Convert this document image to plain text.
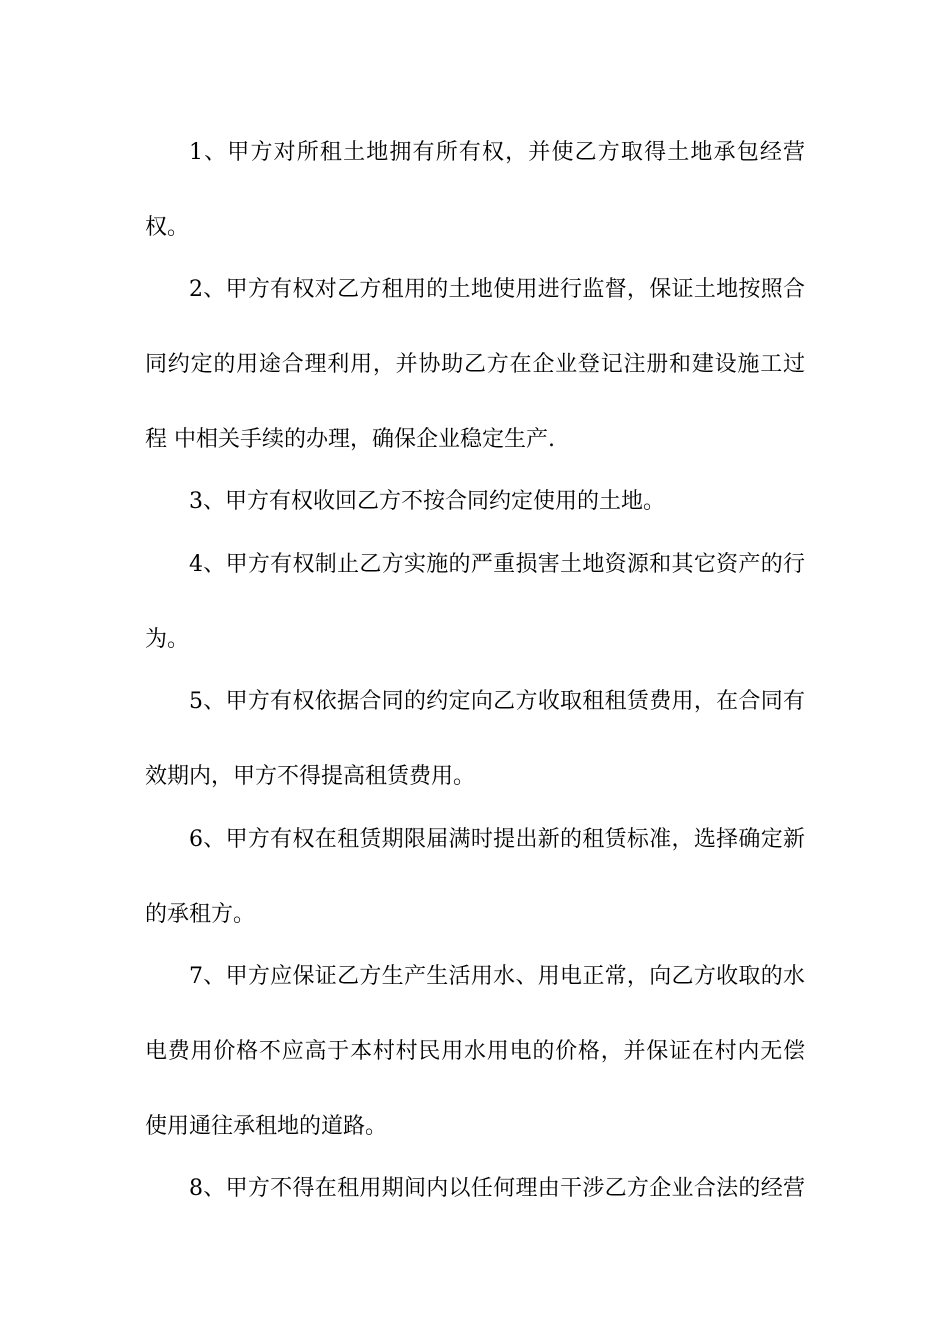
1、甲方对所租土地拥有所有权，并使乙方取得土地承包经营
权。
2、甲方有权对乙方租用的土地使用进行监督，保证土地按照合
同约定的用途合理利用，并协助乙方在企业登记注册和建设施工过
程 中相关手续的办理，确保企业稳定生产.
3、甲方有权收回乙方不按合同约定使用的土地。
4、甲方有权制止乙方实施的严重损害土地资源和其它资产的行
为。
5、甲方有权依据合同的约定向乙方收取租租赁费用，在合同有
效期内，甲方不得提高租赁费用。
6、甲方有权在租赁期限届满时提出新的租赁标准，选择确定新
的承租方。
7、甲方应保证乙方生产生活用水、用电正常，向乙方收取的水
电费用价格不应高于本村村民用水用电的价格，并保证在村内无偿
使用通往承租地的道路。
8、甲方不得在租用期间内以任何理由干涉乙方企业合法的经营
